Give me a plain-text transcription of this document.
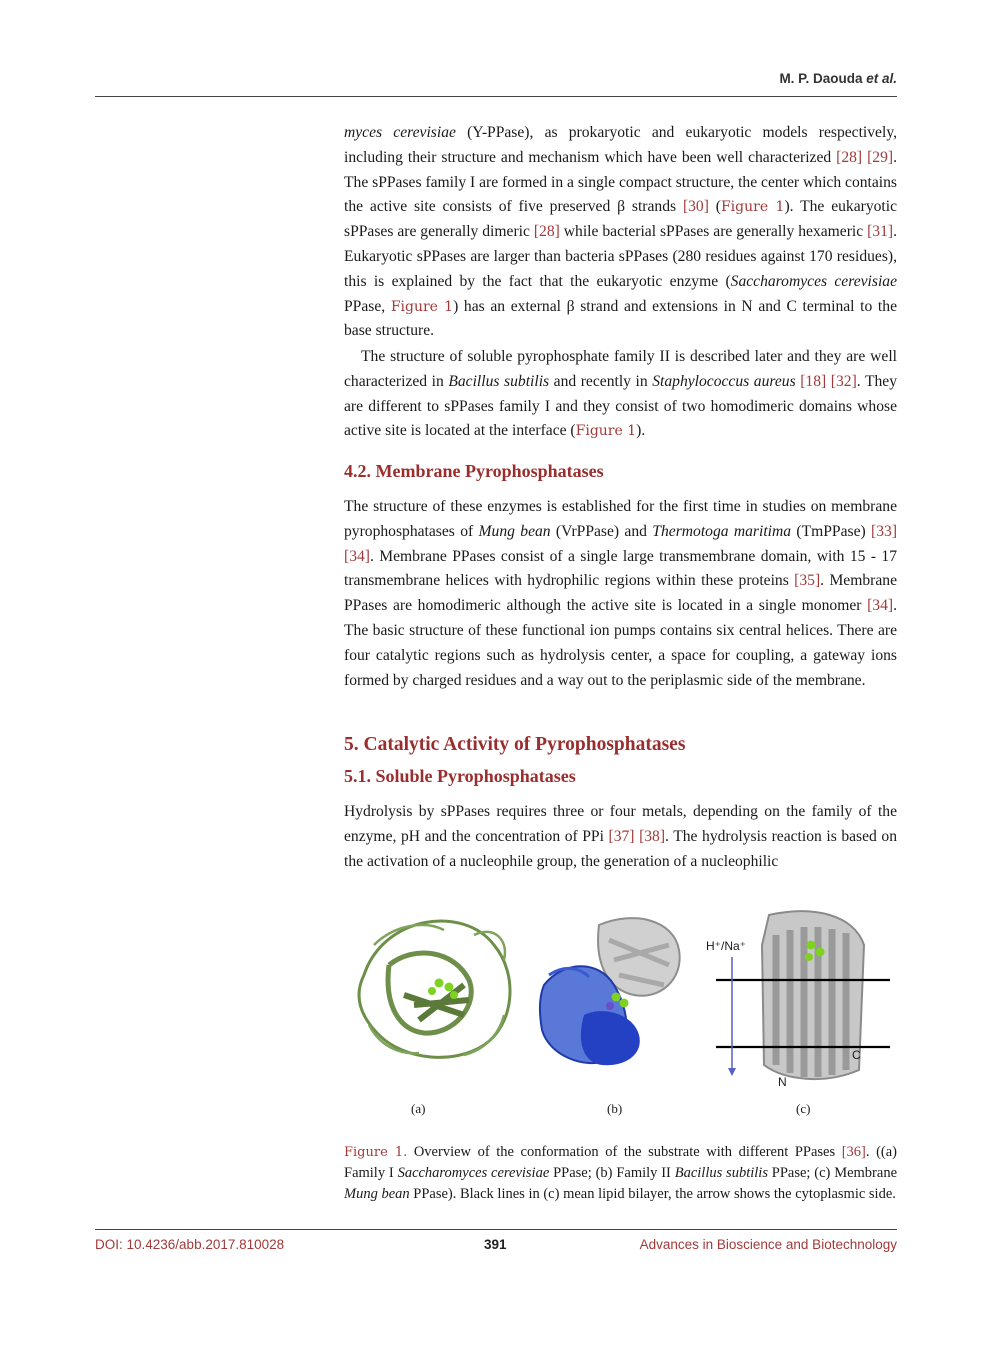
M. P. Daouda et al.

myces cerevisiae (Y-PPase), as prokaryotic and eukaryotic models respectively, including their structure and mechanism which have been well characterized [28] [29]. The sPPases family I are formed in a single compact structure, the center which contains the active site consists of five preserved β strands [30] (Figure 1). The eukaryotic sPPases are generally dimeric [28] while bacterial sPPases are generally hexameric [31]. Eukaryotic sPPases are larger than bacteria sPPases (280 residues against 170 residues), this is explained by the fact that the eukaryotic enzyme (Saccharomyces cerevisiae PPase, Figure 1) has an external β strand and extensions in N and C terminal to the base structure.

The structure of soluble pyrophosphate family II is described later and they are well characterized in Bacillus subtilis and recently in Staphylococcus aureus [18] [32]. They are different to sPPases family I and they consist of two homodimeric domains whose active site is located at the interface (Figure 1).

4.2. Membrane Pyrophosphatases

The structure of these enzymes is established for the first time in studies on membrane pyrophosphatases of Mung bean (VrPPase) and Thermotoga maritima (TmPPase) [33] [34]. Membrane PPases consist of a single large transmembrane domain, with 15 - 17 transmembrane helices with hydrophilic regions within these proteins [35]. Membrane PPases are homodimeric although the active site is located in a single monomer [34]. The basic structure of these functional ion pumps contains six central helices. There are four catalytic regions such as hydrolysis center, a space for coupling, a gateway ions formed by charged residues and a way out to the periplasmic side of the membrane.

5. Catalytic Activity of Pyrophosphatases
5.1. Soluble Pyrophosphatases

Hydrolysis by sPPases requires three or four metals, depending on the family of the enzyme, pH and the concentration of PPi [37] [38]. The hydrolysis reaction is based on the activation of a nucleophile group, the generation of a nucleophilic

H⁺/Na⁺
C
N
(a)	(b)	(c)

Figure 1. Overview of the conformation of the substrate with different PPases [36]. ((a) Family I Saccharomyces cerevisiae PPase; (b) Family II Bacillus subtilis PPase; (c) Membrane Mung bean PPase). Black lines in (c) mean lipid bilayer, the arrow shows the cytoplasmic side.

DOI: 10.4236/abb.2017.810028	391	Advances in Bioscience and Biotechnology
